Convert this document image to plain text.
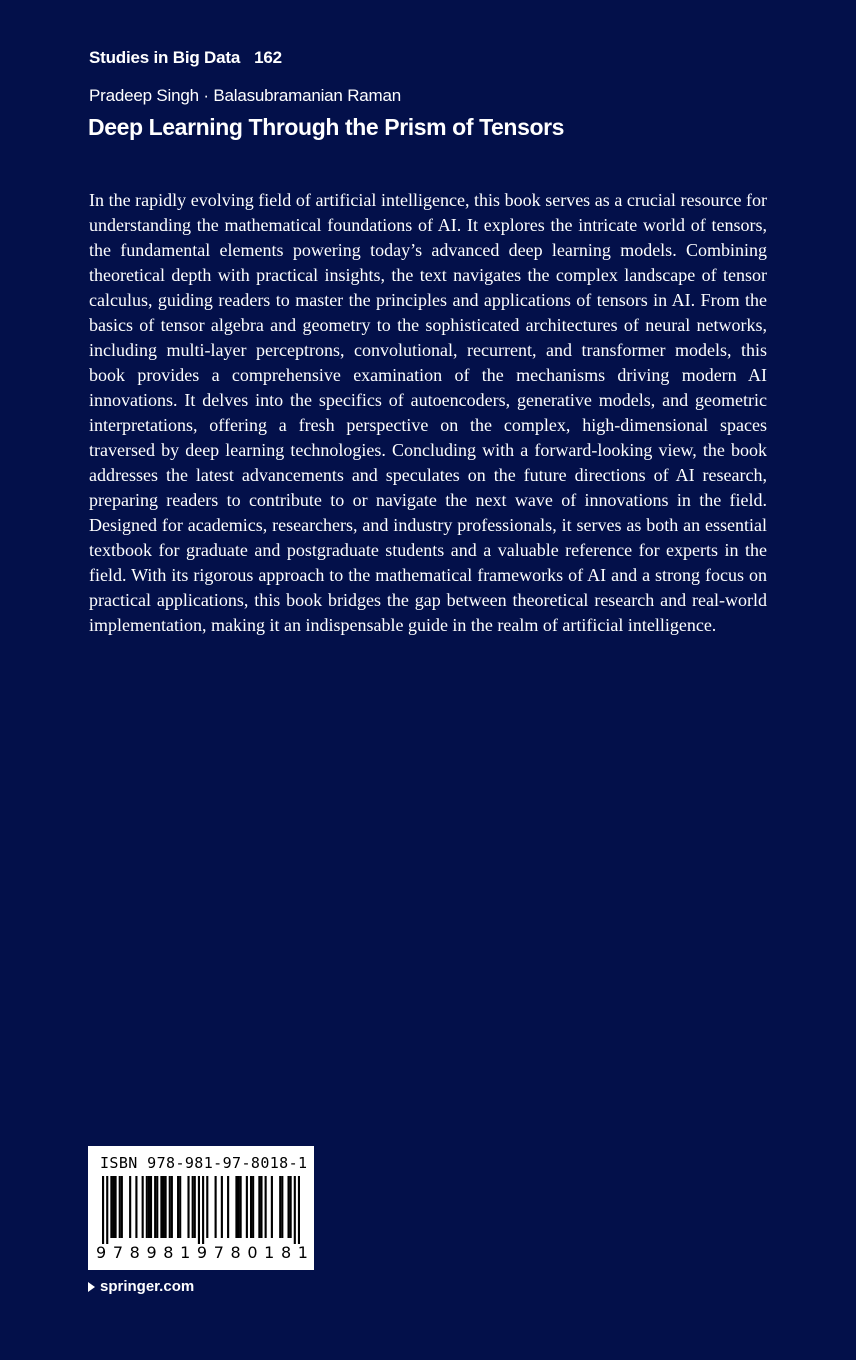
Studies in Big Data 162
Pradeep Singh · Balasubramanian Raman
Deep Learning Through the Prism of Tensors

In the rapidly evolving field of artificial intelligence, this book serves as a crucial resource for understanding the mathematical foundations of AI. It explores the intricate world of tensors, the fundamental elements powering today’s advanced deep learning models. Combining theoretical depth with practical insights, the text navigates the complex landscape of tensor calculus, guiding readers to master the principles and applications of tensors in AI. From the basics of tensor algebra and geometry to the sophisticated architectures of neural networks, including multi-layer perceptrons, convolutional, recurrent, and transformer models, this book provides a comprehensive examination of the mechanisms driving modern AI innovations. It delves into the specifics of autoencoders, generative models, and geometric interpretations, offering a fresh perspective on the complex, high-dimensional spaces traversed by deep learning technologies. Concluding with a forward-looking view, the book addresses the latest advancements and speculates on the future directions of AI research, preparing readers to contribute to or navigate the next wave of innovations in the field. Designed for academics, researchers, and industry professionals, it serves as both an essential textbook for graduate and postgraduate students and a valuable reference for experts in the field. With its rigorous approach to the mathematical frameworks of AI and a strong focus on practical applications, this book bridges the gap between theoretical research and real-world implementation, making it an indispensable guide in the realm of artificial intelligence.

ISBN 978-981-97-8018-1
9 7 8 9 8 1 9 7 8 0 1 8 1
springer.com
